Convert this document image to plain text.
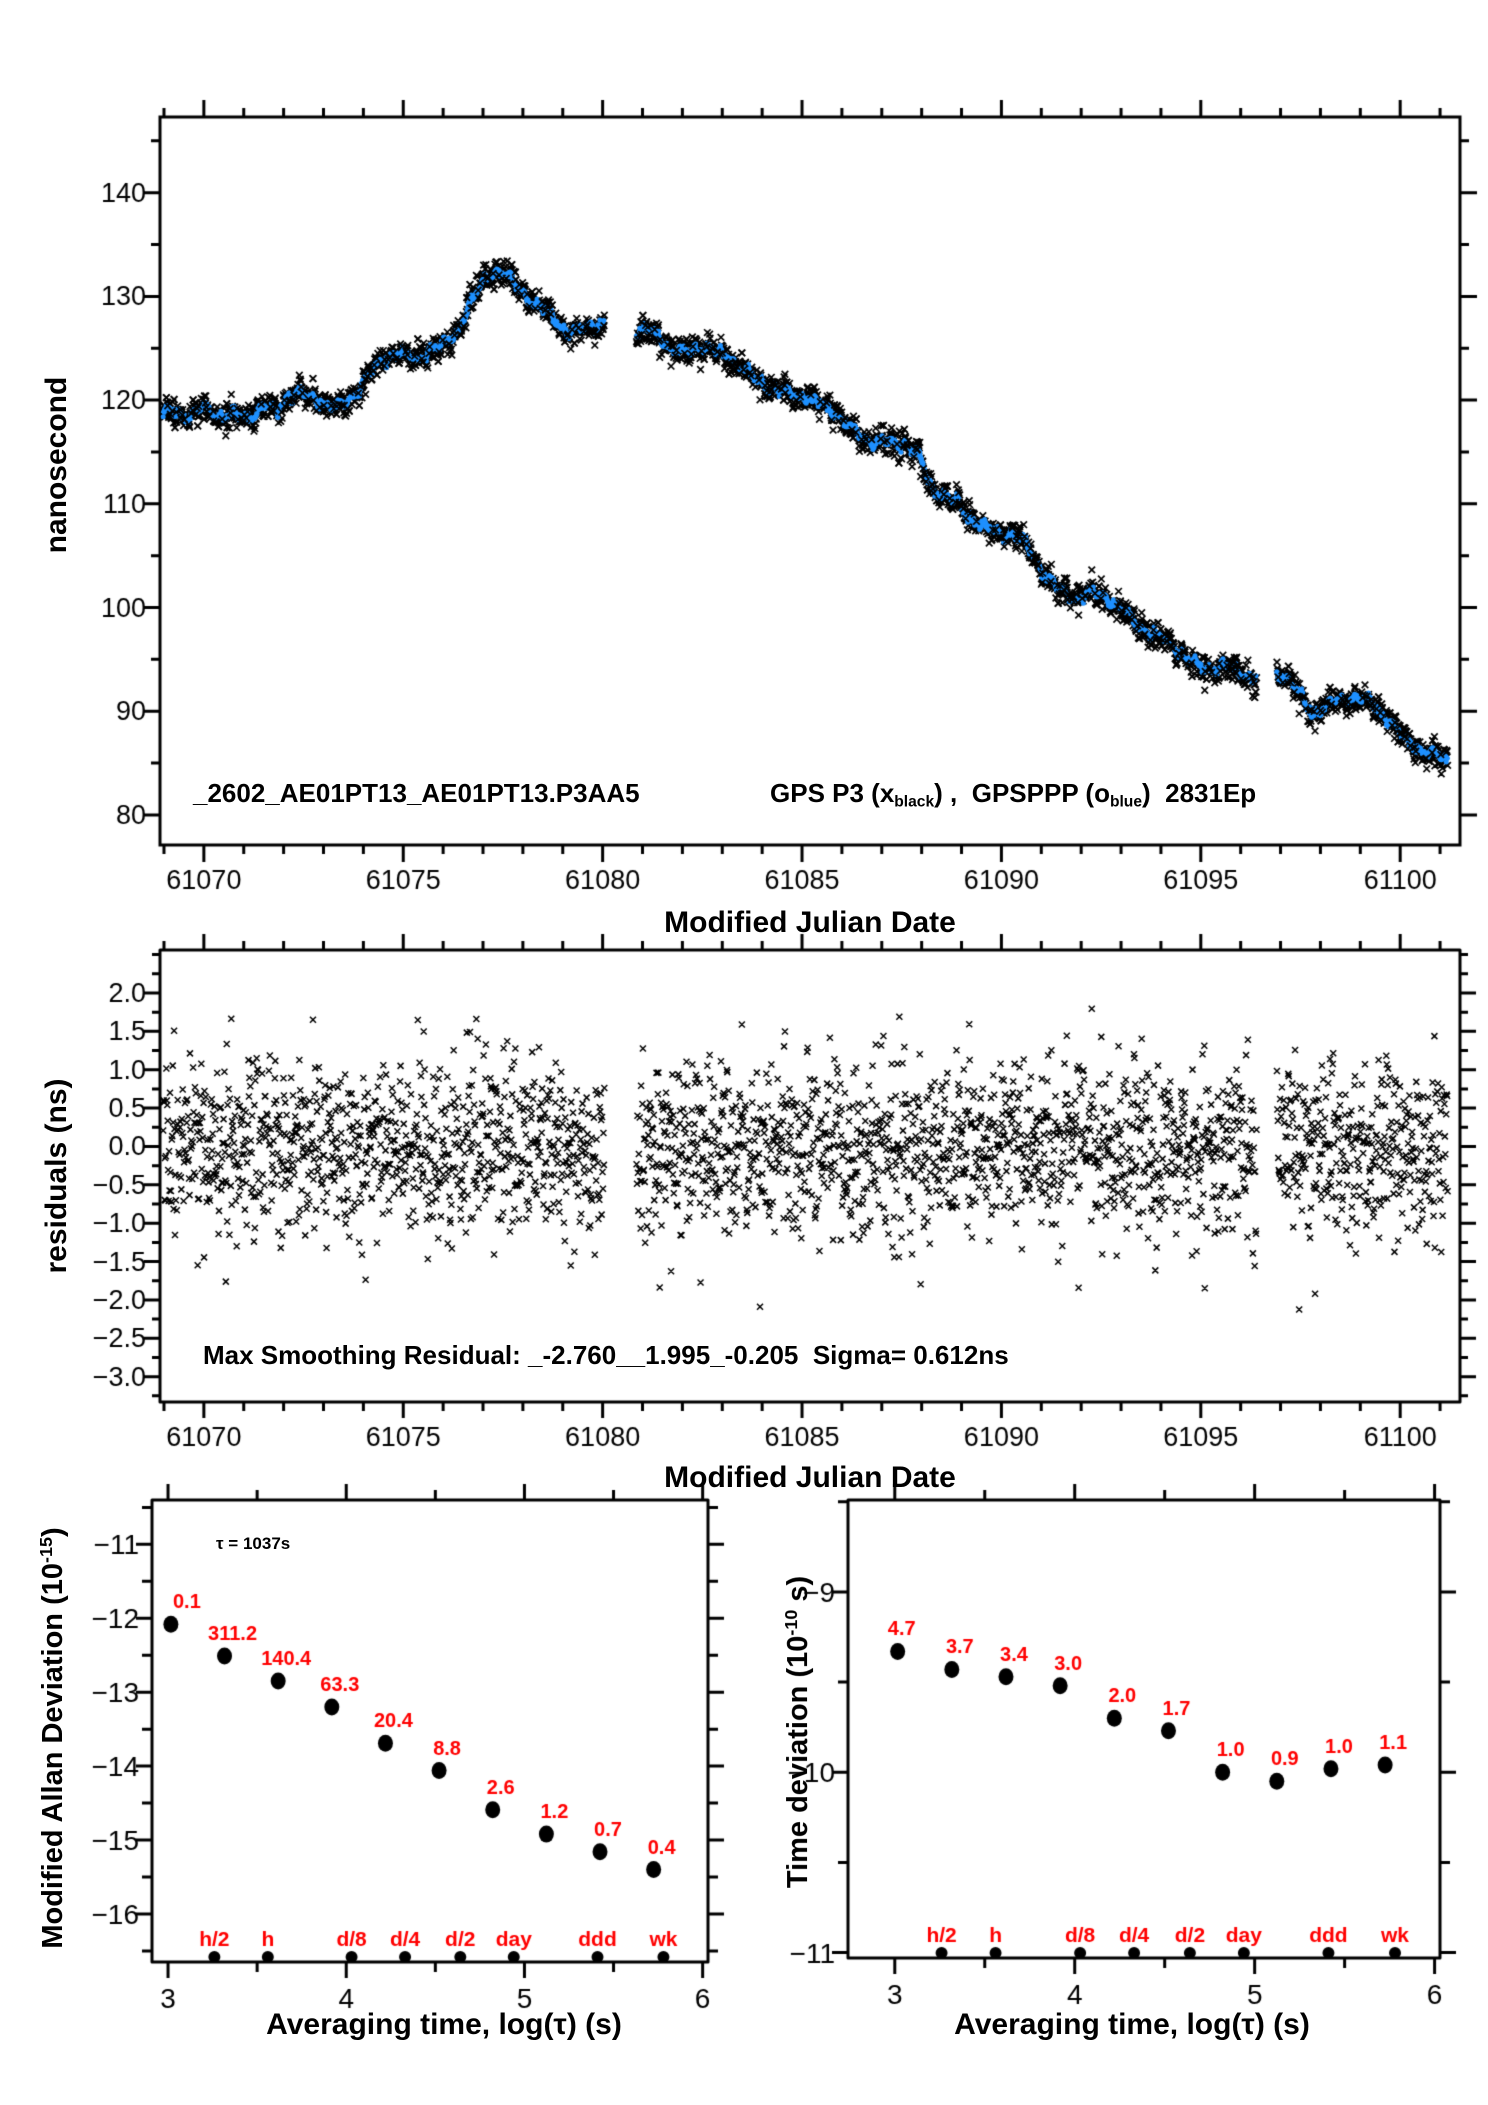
nanosecond
Modified Julian Date
_2602_AE01PT13_AE01PT13.P3AA5	GPS P3 $(x_{black})$ ,  GPSPPP $(o_{blue})$  2831Ep
residuals (ns)
Modified Julian Date
Max Smoothing Residual: _-2.760__1.995_-0.205  Sigma= 0.612ns
Modified Allan Deviation $(10^{-15})$
Averaging time, log(τ) (s)
τ = 1037s
Time deviation ($10^{-10}$ s)
Averaging time, log(τ) (s)
